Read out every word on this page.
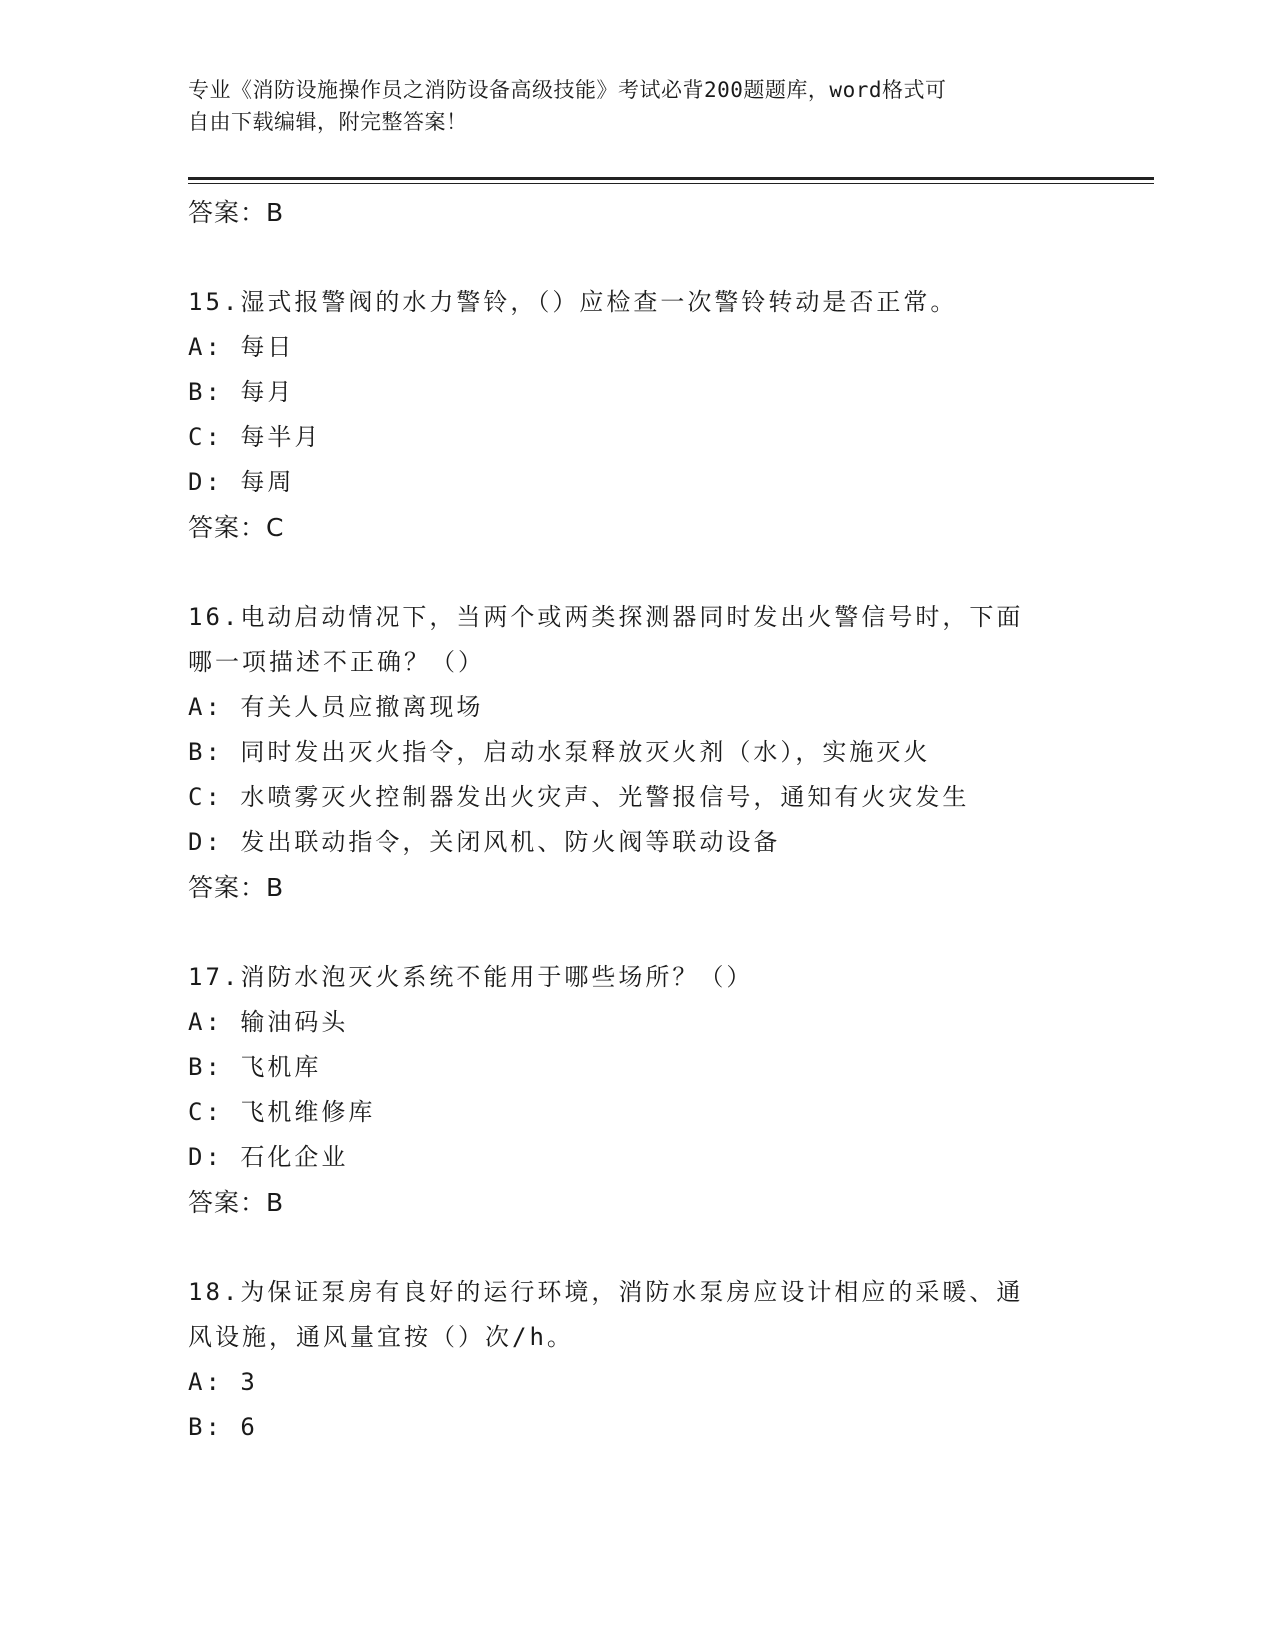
专业《消防设施操作员之消防设备高级技能》考试必背200题题库，word格式可
自由下载编辑，附完整答案！
答案：B
15.湿式报警阀的水力警铃，（）应检查一次警铃转动是否正常。
A: 每日
B: 每月
C: 每半月
D: 每周
答案：C
16.电动启动情况下，当两个或两类探测器同时发出火警信号时，下面
哪一项描述不正确？（）
A: 有关人员应撤离现场
B: 同时发出灭火指令，启动水泵释放灭火剂（水），实施灭火
C: 水喷雾灭火控制器发出火灾声、光警报信号，通知有火灾发生
D: 发出联动指令，关闭风机、防火阀等联动设备
答案：B
17.消防水泡灭火系统不能用于哪些场所？（）
A: 输油码头
B: 飞机库
C: 飞机维修库
D: 石化企业
答案：B
18.为保证泵房有良好的运行环境，消防水泵房应设计相应的采暖、通
风设施，通风量宜按（）次/h。
A: 3
B: 6
